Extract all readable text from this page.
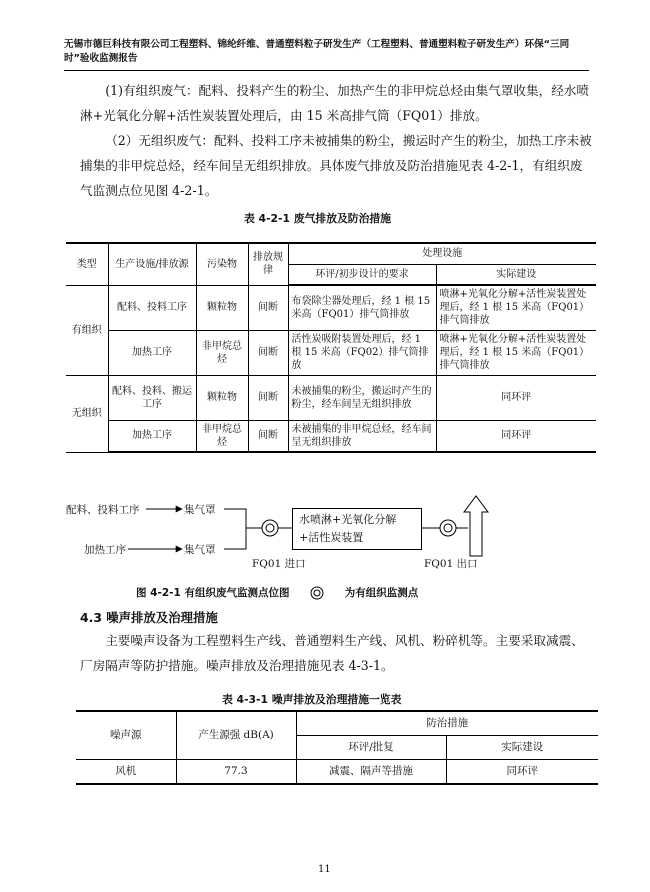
无锡市德巨科技有限公司工程塑料、锦纶纤维、普通塑料粒子研发生产（工程塑料、普通塑料粒子研发生产）环保“三同时”验收监测报告

(1)有组织废气：配料、投料产生的粉尘、加热产生的非甲烷总烃由集气罩收集，经水喷淋+光氧化分解+活性炭装置处理后，由 15 米高排气筒（FQ01）排放。

（2）无组织废气：配料、投料工序未被捕集的粉尘，搬运时产生的粉尘，加热工序未被捕集的非甲烷总烃，经车间呈无组织排放。具体废气排放及防治措施见表 4-2-1，有组织废气监测点位见图 4-2-1。

表 4-2-1 废气排放及防治措施
类型	生产设施/排放源	污染物	排放规律	处理设施	
				环评/初步设计的要求	实际建设
有组织	配料、投料工序	颗粒物	间断	布袋除尘器处理后，经 1 根 15 米高（FQ01）排气筒排放	喷淋+光氧化分解+活性炭装置处理后，经 1 根 15 米高（FQ01）排气筒排放
	加热工序	非甲烷总烃	间断	活性炭吸附装置处理后，经 1 根 15 米高（FQ02）排气筒排放	喷淋+光氧化分解+活性炭装置处理后，经 1 根 15 米高（FQ01）排气筒排放
无组织	配料、投料、搬运工序	颗粒物	间断	未被捕集的粉尘，搬运时产生的粉尘，经车间呈无组织排放	同环评
	加热工序	非甲烷总烃	间断	未被捕集的非甲烷总烃，经车间呈无组织排放	同环评
配料、投料工序
加热工序
集气罩
集气罩
水喷淋+光氧化分解+活性炭装置
FQ01 进口	FQ01 出口
图 4-2-1 有组织废气监测点位图	为有组织监测点
4.3 噪声排放及治理措施

主要噪声设备为工程塑料生产线、普通塑料生产线、风机、粉碎机等。主要采取减震、厂房隔声等防护措施。噪声排放及治理措施见表 4-3-1。

表 4-3-1 噪声排放及治理措施一览表
噪声源	产生源强 dB(A)	防治措施	
		环评/批复	实际建设
风机	77.3	减震、隔声等措施	同环评
11
